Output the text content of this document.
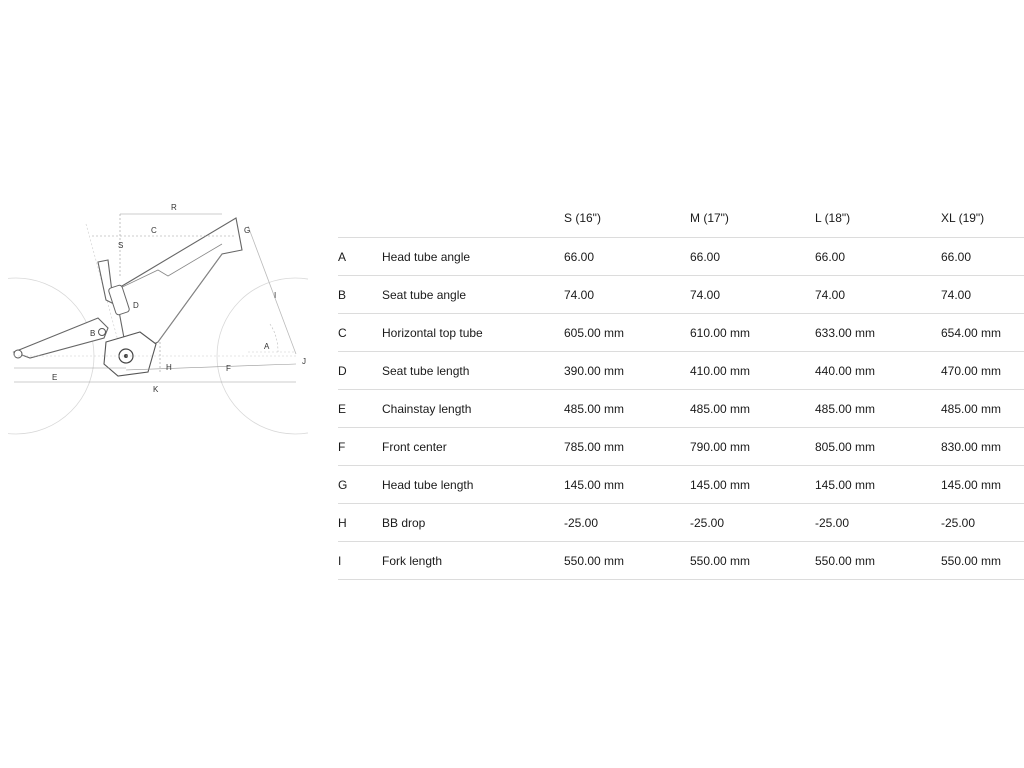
R
C
S
G
D
B
I
A
J
H	F
E
K
S (16")	M (17")	L (18")	XL (19")
A	Head tube angle	66.00	66.00	66.00	66.00
B	Seat tube angle	74.00	74.00	74.00	74.00
C	Horizontal top tube	605.00 mm	610.00 mm	633.00 mm	654.00 mm
D	Seat tube length	390.00 mm	410.00 mm	440.00 mm	470.00 mm
E	Chainstay length	485.00 mm	485.00 mm	485.00 mm	485.00 mm
F	Front center	785.00 mm	790.00 mm	805.00 mm	830.00 mm
G	Head tube length	145.00 mm	145.00 mm	145.00 mm	145.00 mm
H	BB drop	-25.00	-25.00	-25.00	-25.00
I	Fork length	550.00 mm	550.00 mm	550.00 mm	550.00 mm
